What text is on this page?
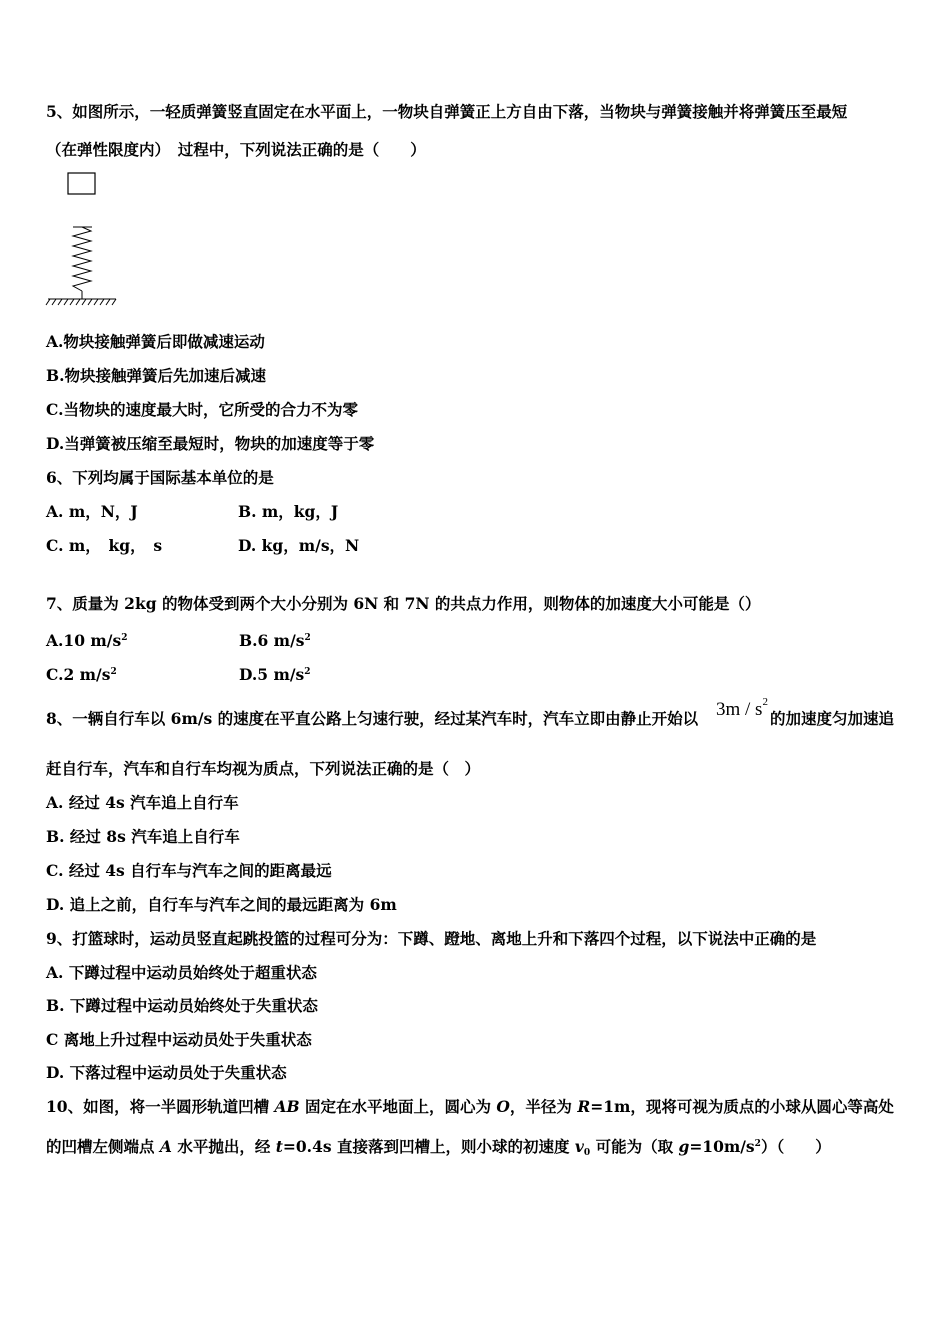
5、如图所示，一轻质弹簧竖直固定在水平面上，一物块自弹簧正上方自由下落，当物块与弹簧接触并将弹簧压至最短
（在弹性限度内）　过程中，下列说法正确的是（　　）
A.物块接触弹簧后即做减速运动
B.物块接触弹簧后先加速后减速
C.当物块的速度最大时，它所受的合力不为零
D.当弹簧被压缩至最短时，物块的加速度等于零
6、下列均属于国际基本单位的是
A. m，N，J	B. m，kg，J
C. m，　kg，　s	D. kg，m/s，N
7、质量为 2kg 的物体受到两个大小分别为 6N 和 7N 的共点力作用，则物体的加速度大小可能是（）
A.10 $m/s^2$	B.6 $m/s^2$
C.2 $m/s^2$	D.5 $m/s^2$
8、一辆自行车以 6m/s 的速度在平直公路上匀速行驶，经过某汽车时，汽车立即由静止开始以 $3m / s^2$
的加速度匀加速追
赶自行车，汽车和自行车均视为质点，下列说法正确的是（　）
A. 经过 4s 汽车追上自行车
B. 经过 8s 汽车追上自行车
C. 经过 4s 自行车与汽车之间的距离最远
D. 追上之前，自行车与汽车之间的最远距离为 6m
9、打篮球时，运动员竖直起跳投篮的过程可分为：下蹲、蹬地、离地上升和下落四个过程，以下说法中正确的是
A. 下蹲过程中运动员始终处于超重状态
B. 下蹲过程中运动员始终处于失重状态
C 离地上升过程中运动员处于失重状态
D. 下落过程中运动员处于失重状态
10、如图，将一半圆形轨道凹槽 AB 固定在水平地面上，圆心为 O，半径为 R=1m，现将可视为质点的小球从圆心等高处
的凹槽左侧端点 A 水平抛出，经 t=0.4s 直接落到凹槽上，则小球的初速度 $v_0$ 可能为（取 $g=10m/s^2$）（　　）
